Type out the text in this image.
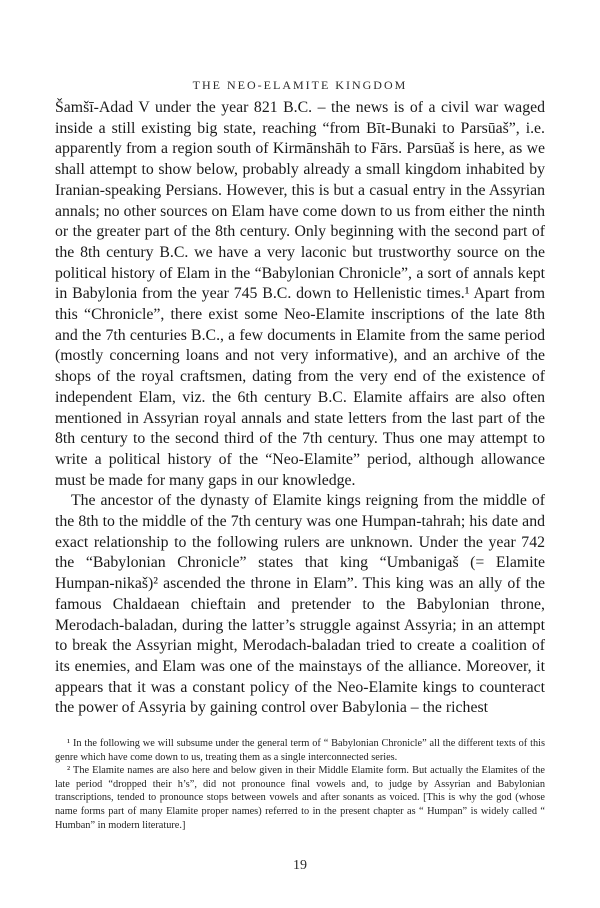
THE NEO-ELAMITE KINGDOM

Šamšī-Adad V under the year 821 B.C. – the news is of a civil war waged inside a still existing big state, reaching “from Bīt-Bunaki to Parsūaš”, i.e. apparently from a region south of Kirmānshāh to Fārs. Parsūaš is here, as we shall attempt to show below, probably already a small kingdom inhabited by Iranian-speaking Persians. However, this is but a casual entry in the Assyrian annals; no other sources on Elam have come down to us from either the ninth or the greater part of the 8th century. Only beginning with the second part of the 8th century B.C. we have a very laconic but trustworthy source on the political history of Elam in the “Babylonian Chronicle”, a sort of annals kept in Babylonia from the year 745 B.C. down to Hellenistic times.¹ Apart from this “Chronicle”, there exist some Neo-Elamite inscriptions of the late 8th and the 7th centuries B.C., a few documents in Elamite from the same period (mostly concerning loans and not very informative), and an archive of the shops of the royal craftsmen, dating from the very end of the existence of independent Elam, viz. the 6th century B.C. Elamite affairs are also often mentioned in Assyrian royal annals and state letters from the last part of the 8th century to the second third of the 7th century. Thus one may attempt to write a political history of the “Neo-Elamite” period, although allowance must be made for many gaps in our knowledge.

The ancestor of the dynasty of Elamite kings reigning from the middle of the 8th to the middle of the 7th century was one Humpan-tahrah; his date and exact relationship to the following rulers are unknown. Under the year 742 the “Babylonian Chronicle” states that king “Umbanigaš (= Elamite Humpan-nikaš)² ascended the throne in Elam”. This king was an ally of the famous Chaldaean chieftain and pretender to the Babylonian throne, Merodach-baladan, during the latter’s struggle against Assyria; in an attempt to break the Assyrian might, Merodach-baladan tried to create a coalition of its enemies, and Elam was one of the mainstays of the alliance. Moreover, it appears that it was a constant policy of the Neo-Elamite kings to counteract the power of Assyria by gaining control over Babylonia – the richest

¹ In the following we will subsume under the general term of “ Babylonian Chronicle” all the different texts of this genre which have come down to us, treating them as a single interconnected series.

² The Elamite names are also here and below given in their Middle Elamite form. But actually the Elamites of the late period “dropped their h’s”, did not pronounce final vowels and, to judge by Assyrian and Babylonian transcriptions, tended to pronounce stops between vowels and after sonants as voiced. [This is why the god (whose name forms part of many Elamite proper names) referred to in the present chapter as “ Humpan” is widely called “ Humban” in modern literature.]

19
